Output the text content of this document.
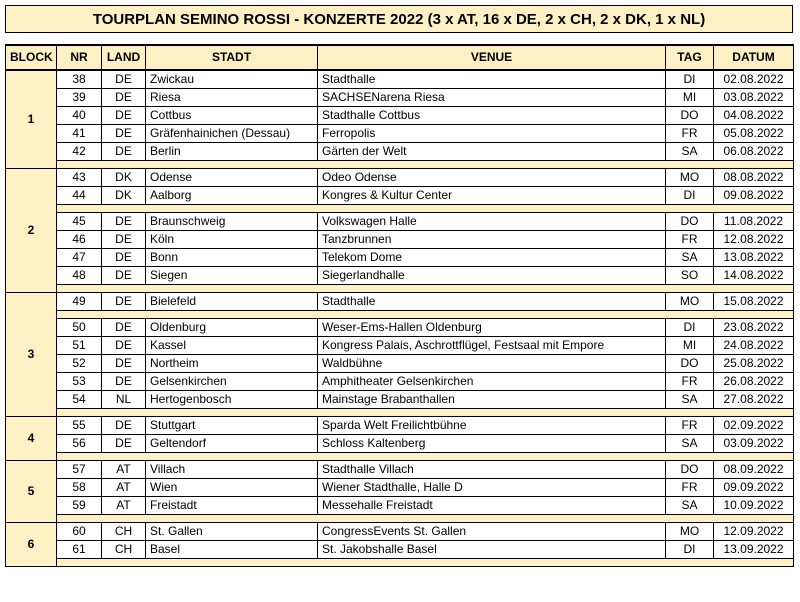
TOURPLAN SEMINO ROSSI - KONZERTE 2022 (3 x AT, 16 x DE, 2 x CH, 2 x DK, 1 x NL)
BLOCK	NR	LAND	STADT	VENUE	TAG	DATUM
1	38	DE	Zwickau	Stadthalle	DI	02.08.2022
	39	DE	Riesa	SACHSENarena Riesa	MI	03.08.2022
	40	DE	Cottbus	Stadthalle Cottbus	DO	04.08.2022
	41	DE	Gräfenhainichen (Dessau)	Ferropolis	FR	05.08.2022
	42	DE	Berlin	Gärten der Welt	SA	06.08.2022

2	43	DK	Odense	Odeo Odense	MO	08.08.2022
	44	DK	Aalborg	Kongres & Kultur Center	DI	09.08.2022

	45	DE	Braunschweig	Volkswagen Halle	DO	11.08.2022
	46	DE	Köln	Tanzbrunnen	FR	12.08.2022
	47	DE	Bonn	Telekom Dome	SA	13.08.2022
	48	DE	Siegen	Siegerlandhalle	SO	14.08.2022

3	49	DE	Bielefeld	Stadthalle	MO	15.08.2022

	50	DE	Oldenburg	Weser-Ems-Hallen Oldenburg	DI	23.08.2022
	51	DE	Kassel	Kongress Palais, Aschrottflügel, Festsaal mit Empore	MI	24.08.2022
	52	DE	Northeim	Waldbühne	DO	25.08.2022
	53	DE	Gelsenkirchen	Amphitheater Gelsenkirchen	FR	26.08.2022
	54	NL	Hertogenbosch	Mainstage Brabanthallen	SA	27.08.2022

4	55	DE	Stuttgart	Sparda Welt Freilichtbühne	FR	02.09.2022
	56	DE	Geltendorf	Schloss Kaltenberg	SA	03.09.2022

5	57	AT	Villach	Stadthalle Villach	DO	08.09.2022
	58	AT	Wien	Wiener Stadthalle, Halle D	FR	09.09.2022
	59	AT	Freistadt	Messehalle Freistadt	SA	10.09.2022

6	60	CH	St. Gallen	CongressEvents St. Gallen	MO	12.09.2022
	61	CH	Basel	St. Jakobshalle Basel	DI	13.09.2022
